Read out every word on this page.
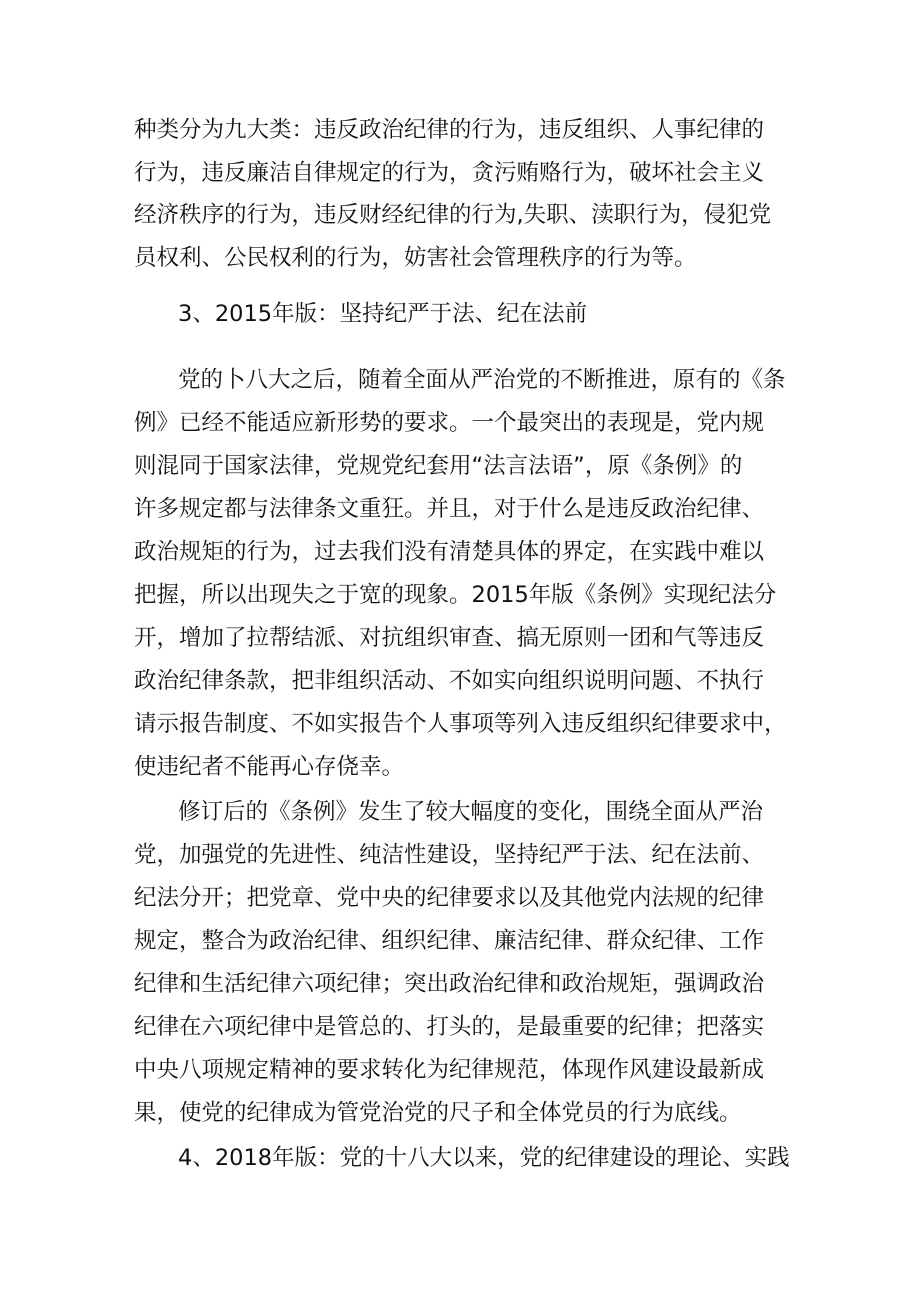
种类分为九大类：违反政治纪律的行为，违反组织、人事纪律的
行为，违反廉洁自律规定的行为，贪污贿赂行为，破坏社会主义
经济秩序的行为，违反财经纪律的行为,失职、渎职行为，侵犯党
员权利、公民权利的行为，妨害社会管理秩序的行为等。
3、2015年版：坚持纪严于法、纪在法前
党的卜八大之后，随着全面从严治党的不断推进，原有的《条
例》已经不能适应新形势的要求。一个最突出的表现是，党内规
则混同于国家法律，党规党纪套用“法言法语”，原《条例》的
许多规定都与法律条文重狂。并且，对于什么是违反政治纪律、
政治规矩的行为，过去我们没有清楚具体的界定，在实践中难以
把握，所以出现失之于宽的现象。2015年版《条例》实现纪法分
开，增加了拉帮结派、对抗组织审查、搞无原则一团和气等违反
政治纪律条款，把非组织活动、不如实向组织说明问题、不执行
请示报告制度、不如实报告个人事项等列入违反组织纪律要求中，
使违纪者不能再心存侥幸。
修订后的《条例》发生了较大幅度的变化，围绕全面从严治
党，加强党的先进性、纯洁性建设，坚持纪严于法、纪在法前、
纪法分开；把党章、党中央的纪律要求以及其他党内法规的纪律
规定，整合为政治纪律、组织纪律、廉洁纪律、群众纪律、工作
纪律和生活纪律六项纪律；突出政治纪律和政治规矩，强调政治
纪律在六项纪律中是管总的、打头的，是最重要的纪律；把落实
中央八项规定精神的要求转化为纪律规范，体现作风建设最新成
果，使党的纪律成为管党治党的尺子和全体党员的行为底线。
4、2018年版：党的十八大以来，党的纪律建设的理论、实践
